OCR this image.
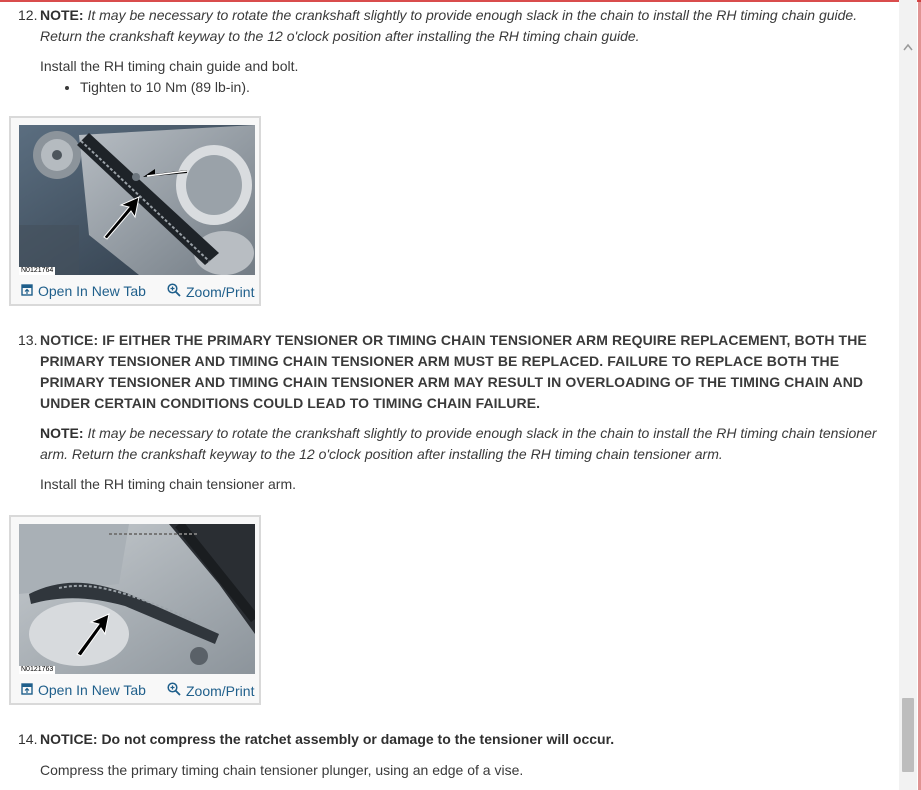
12. NOTE: It may be necessary to rotate the crankshaft slightly to provide enough slack in the chain to install the RH timing chain guide. Return the crankshaft keyway to the 12 o'clock position after installing the RH timing chain guide.

Install the RH timing chain guide and bolt.

• Tighten to 10 Nm (89 lb-in).
N0121764
Open In New Tab	Zoom/Print
13. NOTICE: IF EITHER THE PRIMARY TENSIONER OR TIMING CHAIN TENSIONER ARM REQUIRE REPLACEMENT, BOTH THE PRIMARY TENSIONER AND TIMING CHAIN TENSIONER ARM MUST BE REPLACED. FAILURE TO REPLACE BOTH THE PRIMARY TENSIONER AND TIMING CHAIN TENSIONER ARM MAY RESULT IN OVERLOADING OF THE TIMING CHAIN AND UNDER CERTAIN CONDITIONS COULD LEAD TO TIMING CHAIN FAILURE.

NOTE: It may be necessary to rotate the crankshaft slightly to provide enough slack in the chain to install the RH timing chain tensioner arm. Return the crankshaft keyway to the 12 o'clock position after installing the RH timing chain tensioner arm.

Install the RH timing chain tensioner arm.

N0121763
Open In New Tab	Zoom/Print
14. NOTICE: Do not compress the ratchet assembly or damage to the tensioner will occur.

Compress the primary timing chain tensioner plunger, using an edge of a vise.
